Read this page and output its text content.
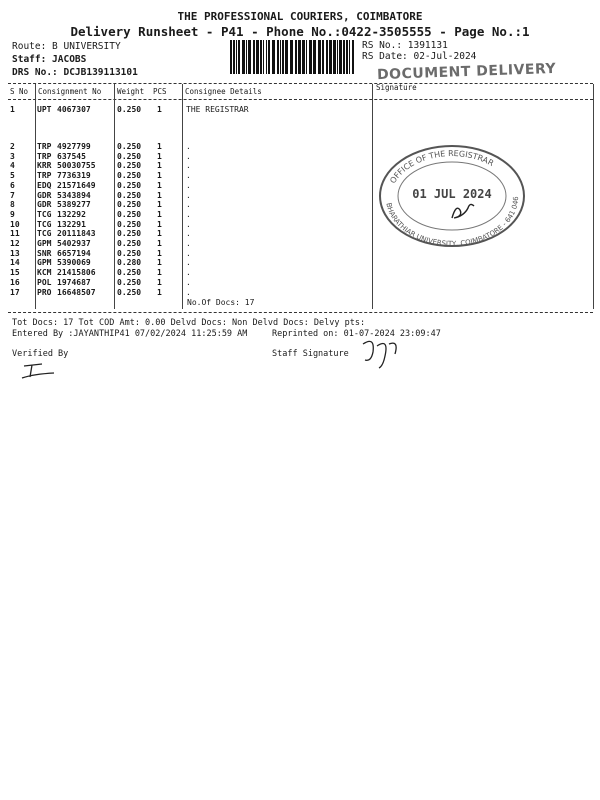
THE PROFESSIONAL COURIERS, COIMBATORE
Delivery Runsheet - P41 - Phone No.:0422-3505555 - Page No.:1
Route: B UNIVERSITY
Staff: JACOBS
DRS No.: DCJB139113101
RS No.: 1391131
RS Date: 02-Jul-2024
DOCUMENT DELIVERY
S No Consignment No Weight PCS Consignee Details	Signature
1	UPT 4067307	0.250 1	THE REGISTRAR
2	TRP 4927799	0.250 1	.
3	TRP 637545	0.250 1	.
4	KRR 50030755	0.250 1	.
5	TRP 7736319	0.250 1	.
6	EDQ 21571649	0.250 1	.
7	GDR 5343894	0.250 1	.
8	GDR 5389277	0.250 1	.
9	TCG 132292	0.250 1	.
10 TCG 132291	0.250 1	.
11 TCG 20111843	0.250 1	.
12 GPM 5402937	0.250 1	.
13 SNR 6657194	0.250 1	.
14 GPM 5390069	0.280 1	.
15 KCM 21415806	0.250 1	.
16 POL 1974687	0.250 1	.
17 PRO 16648507	0.250 1	.
No.Of Docs: 17
OFFICE OF THE REGISTRAR
BHARATHIAR UNIVERSITY, COIMBATORE - 641 046
01 JUL 2024
Tot Docs: 17 Tot COD Amt: 0.00 Delvd Docs: Non Delvd Docs: Delvy pts:
Entered By :JAYANTHIP41 07/02/2024 11:25:59 AM	Reprinted on: 01-07-2024 23:09:47
Verified By	Staff Signature
